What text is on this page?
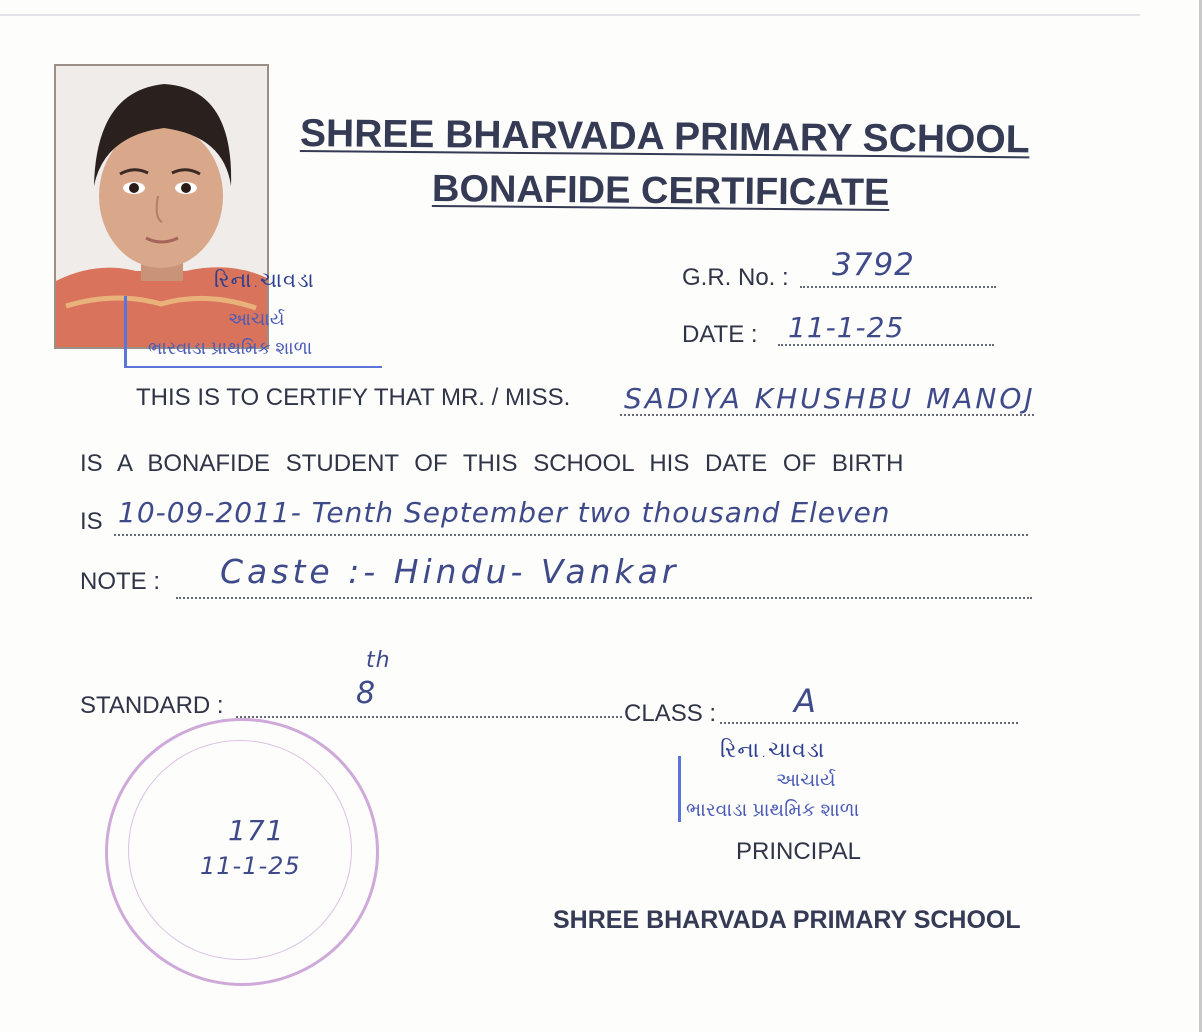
રિના.ચાવડા
આચાર્ય
ભારવાડા પ્રાથમિક શાળા
SHREE BHARVADA PRIMARY SCHOOL
BONAFIDE CERTIFICATE
G.R. No. : 3792
DATE : 11-1-25
THIS IS TO CERTIFY THAT MR. / MISS. SADIYA KHUSHBU MANOJ
IS A BONAFIDE STUDENT OF THIS SCHOOL HIS DATE OF BIRTH
IS 10-09-2011- Tenth September two thousand Eleven
NOTE : Caste :- Hindu- Vankar
STANDARD :	8
th
CLASS : A
171
11-1-25
રિના.ચાવડા
આચાર્ય
ભારવાડા પ્રાથમિક શાળા
PRINCIPAL
SHREE BHARVADA PRIMARY SCHOOL
